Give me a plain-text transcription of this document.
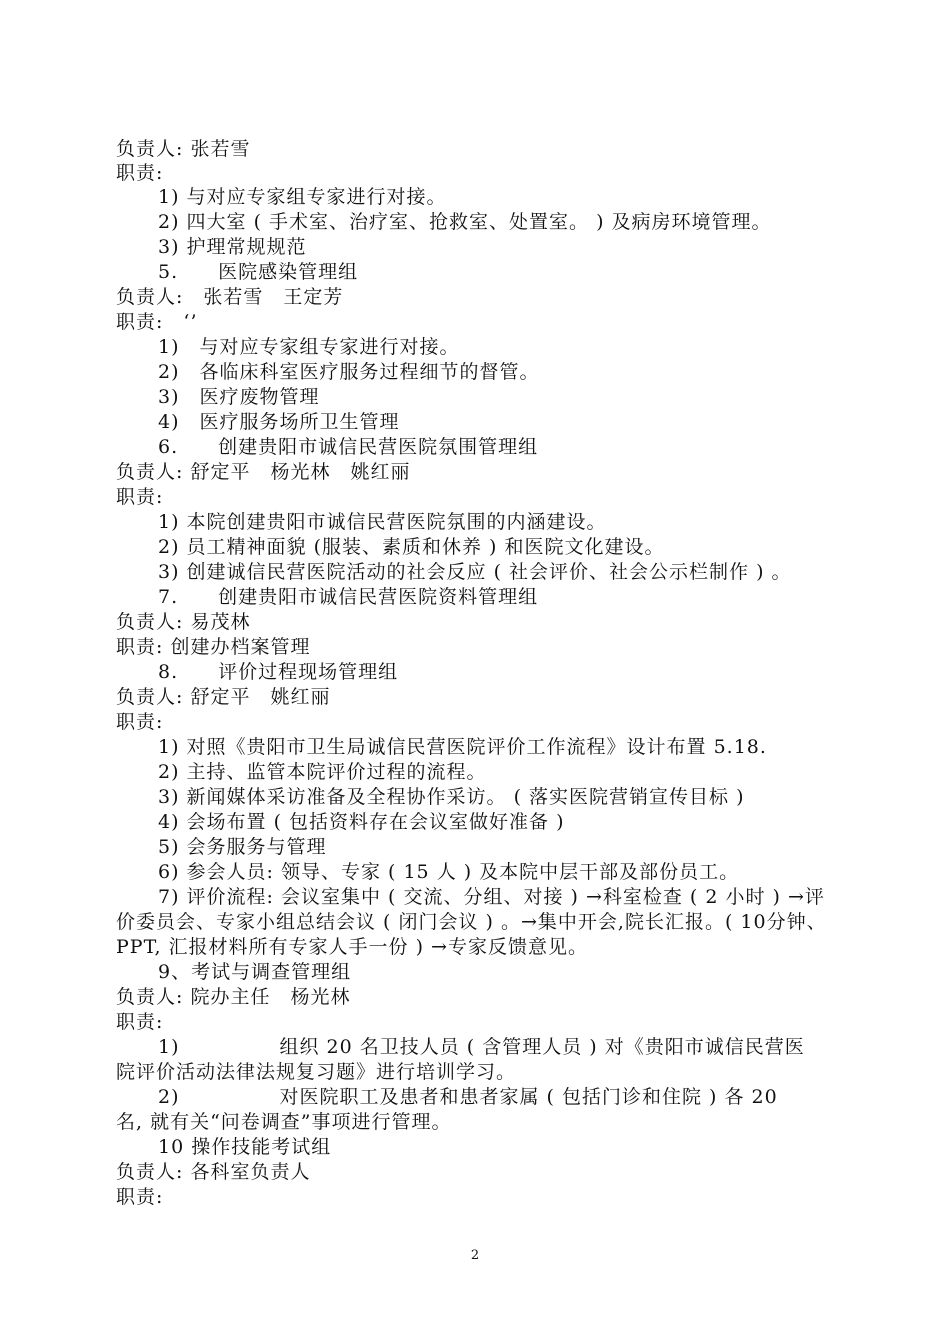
负责人: 张若雪
职责:
1) 与对应专家组专家进行对接。
2) 四大室 ( 手术室、治疗室、抢救室、处置室。 ) 及病房环境管理。
3) 护理常规规范
5.　　医院感染管理组
负责人:　张若雪　王定芳
职责:　‘’
1)　与对应专家组专家进行对接。
2)　各临床科室医疗服务过程细节的督管。
3)　医疗废物管理
4)　医疗服务场所卫生管理
6.　　创建贵阳市诚信民营医院氛围管理组
负责人: 舒定平　杨光林　姚红丽
职责:
1) 本院创建贵阳市诚信民营医院氛围的内涵建设。
2) 员工精神面貌 (服装、素质和休养 ) 和医院文化建设。
3) 创建诚信民营医院活动的社会反应 ( 社会评价、社会公示栏制作 ) 。
7.　　创建贵阳市诚信民营医院资料管理组
负责人: 易茂林
职责: 创建办档案管理
8.　　评价过程现场管理组
负责人: 舒定平　姚红丽
职责:
1) 对照《贵阳市卫生局诚信民营医院评价工作流程》设计布置 5.18.
2) 主持、监管本院评价过程的流程。
3) 新闻媒体采访准备及全程协作采访。 ( 落实医院营销宣传目标 )
4) 会场布置 ( 包括资料存在会议室做好准备 )
5) 会务服务与管理
6) 参会人员: 领导、专家 ( 15 人 ) 及本院中层干部及部份员工。
7) 评价流程: 会议室集中 ( 交流、分组、对接 ) →科室检查 ( 2 小时 ) →评
价委员会、专家小组总结会议 ( 闭门会议 ) 。→集中开会,院长汇报。( 10分钟、
PPT, 汇报材料所有专家人手一份 ) →专家反馈意见。
9、考试与调查管理组
负责人: 院办主任　杨光林
职责:
1)　　　　　组织 20 名卫技人员 ( 含管理人员 ) 对《贵阳市诚信民营医
院评价活动法律法规复习题》进行培训学习。
2)　　　　　对医院职工及患者和患者家属 ( 包括门诊和住院 ) 各 20
名, 就有关“问卷调查”事项进行管理。
10 操作技能考试组
负责人: 各科室负责人
职责:
2
